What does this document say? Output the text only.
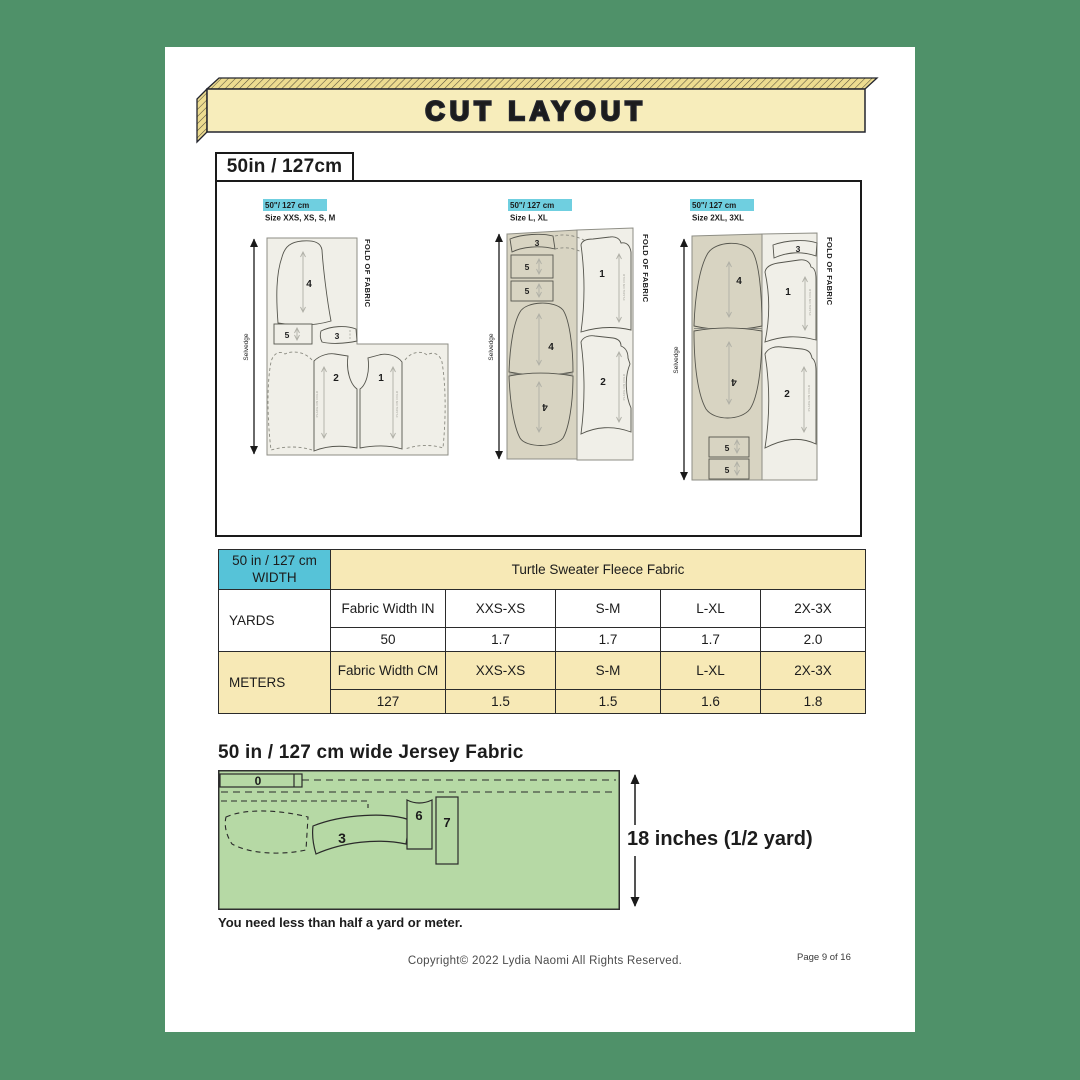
CUT LAYOUT
50in / 127cm
50"/ 127 cm
Size XXS, XS, S, M
Selvedge
FOLD OF FABRIC
4
5	3
PLACE ON FOLD
2
PLACE ON FOLD
1
50"/ 127 cm
Size L, XL
Selvedge
FOLD OF FABRIC
3
5
5
4
4
PLACE ON FOLD
1
PLACE ON FOLD
2
50"/ 127 cm
Size 2XL, 3XL
Selvedge
FOLD OF FABRIC
4
4
5
5
3
PLACE ON FOLD
1
PLACE ON FOLD
2
50 in / 127 cm WIDTH	Turtle Sweater Fleece Fabric				
YARDS	Fabric Width IN	XXS-XS	S-M	L-XL	2X-3X
	50	1.7	1.7	1.7	2.0
METERS	Fabric Width CM	XXS-XS	S-M	L-XL	2X-3X
	127	1.5	1.5	1.6	1.8
50 in / 127 cm wide Jersey Fabric
0
3
6 7
18 inches (1/2 yard)
You need less than half a yard or meter.
Copyright© 2022 Lydia Naomi All Rights Reserved.	Page 9 of 16
